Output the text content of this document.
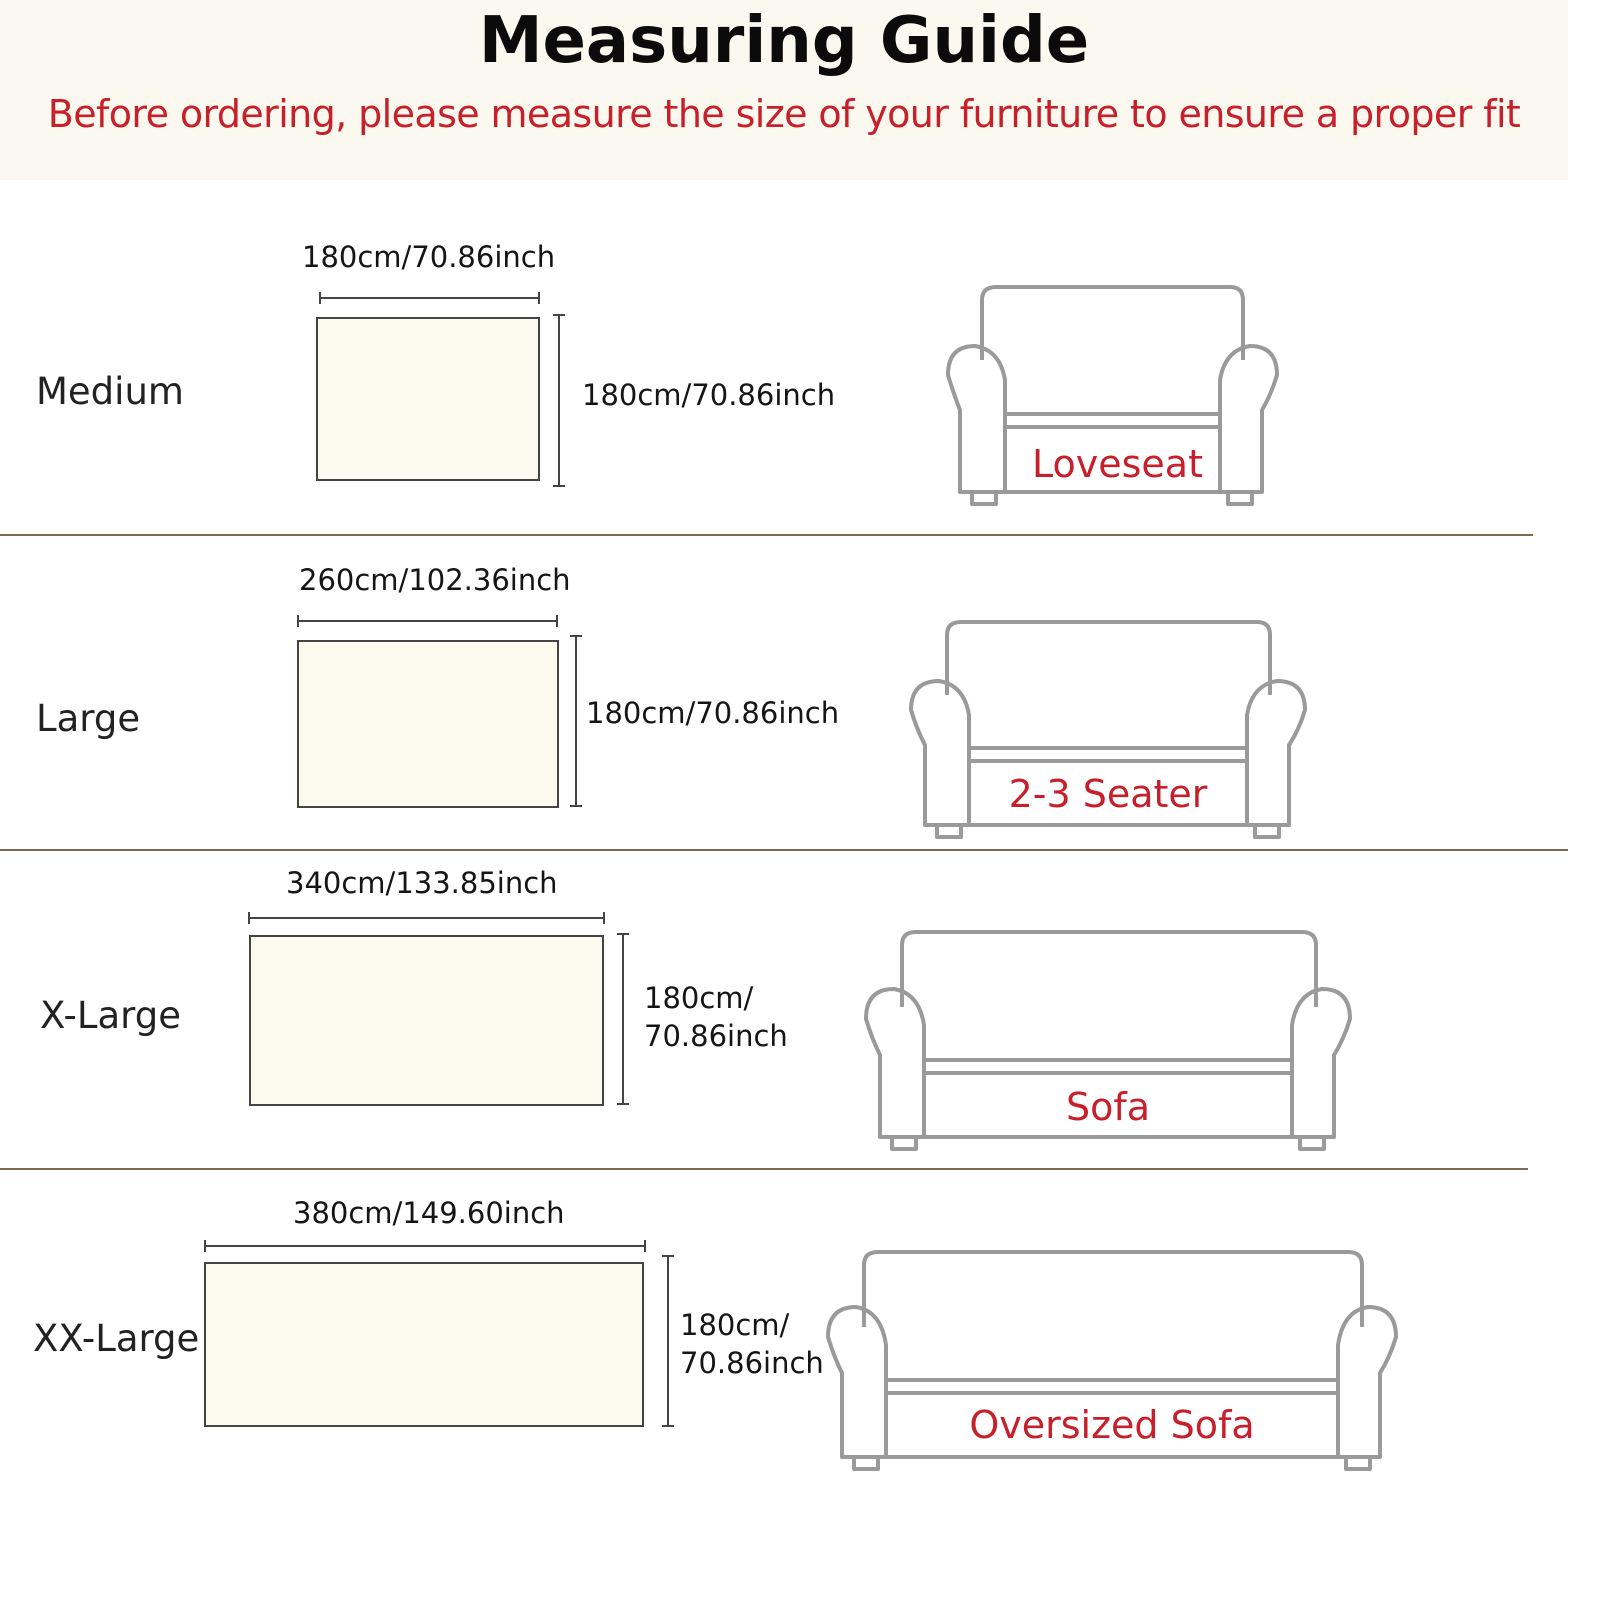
Measuring Guide
Before ordering, please measure the size of your furniture to ensure a proper fit
Medium
180cm/70.86inch
180cm/70.86inch
Loveseat
Large
260cm/102.36inch
180cm/70.86inch
2-3 Seater
X-Large
340cm/133.85inch
180cm/
70.86inch
Sofa
XX-Large
380cm/149.60inch
180cm/
70.86inch
Oversized Sofa
